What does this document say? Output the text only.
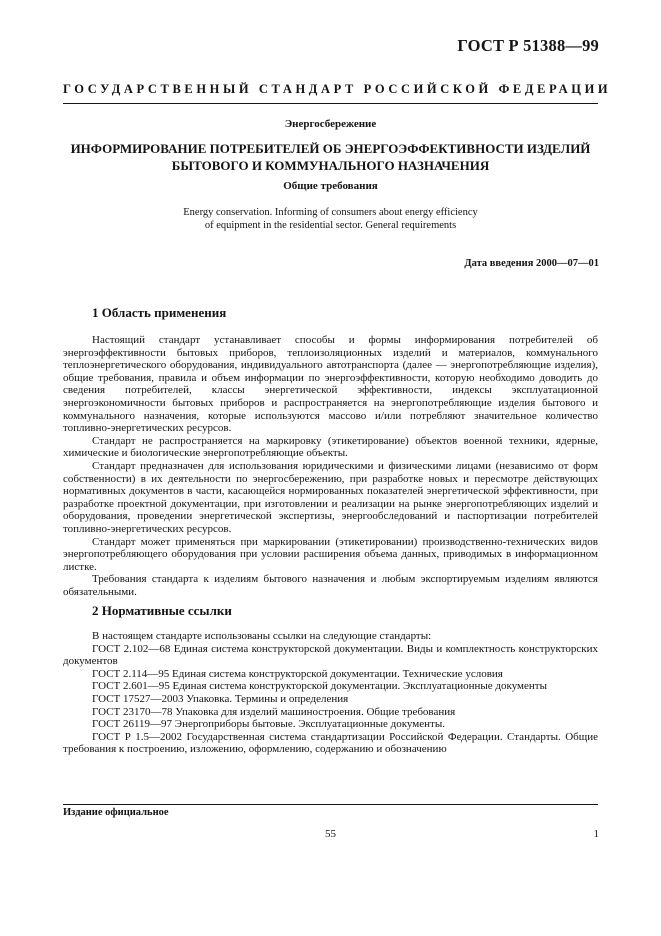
ГОСТ Р 51388—99
ГОСУДАРСТВЕННЫЙ СТАНДАРТ РОССИЙСКОЙ ФЕДЕРАЦИИ
Энергосбережение
ИНФОРМИРОВАНИЕ ПОТРЕБИТЕЛЕЙ ОБ ЭНЕРГОЭФФЕКТИВНОСТИ ИЗДЕЛИЙ
БЫТОВОГО И КОММУНАЛЬНОГО НАЗНАЧЕНИЯ
Общие требования
Energy conservation. Informing of consumers about energy efficiency
of equipment in the residential sector. General requirements
Дата введения 2000—07—01
1 Область применения

Настоящий стандарт устанавливает способы и формы информирования потребителей об энергоэффективности бытовых приборов, теплоизоляционных изделий и материалов, коммунального теплоэнергетического оборудования, индивидуального автотранспорта (далее — энергопотребляющие изделия), общие требования, правила и объем информации по энергоэффективности, которую необходимо доводить до сведения потребителей, классы энергетической эффективности, индексы эксплуатационной энергоэкономичности бытовых приборов и распространяется на энергопотребляющие изделия бытового и коммунального назначения, которые используются массово и/или потребляют значительное количество топливно-энергетических ресурсов.

Стандарт не распространяется на маркировку (этикетирование) объектов военной техники, ядерные, химические и биологические энергопотребляющие объекты.

Стандарт предназначен для использования юридическими и физическими лицами (независимо от форм собственности) в их деятельности по энергосбережению, при разработке новых и пересмотре действующих нормативных документов в части, касающейся нормированных показателей энергетической эффективности, при разработке проектной документации, при изготовлении и реализации на рынке энергопотребляющих изделий и оборудования, проведении энергетической экспертизы, энергообследований и паспортизации потребителей топливно-энергетических ресурсов.

Стандарт может применяться при маркировании (этикетировании) производственно-технических видов энергопотребляющего оборудования при условии расширения объема данных, приводимых в информационном листке.

Требования стандарта к изделиям бытового назначения и любым экспортируемым изделиям являются обязательными.

2 Нормативные ссылки

В настоящем стандарте использованы ссылки на следующие стандарты:

ГОСТ 2.102—68 Единая система конструкторской документации. Виды и комплектность конструкторских документов

ГОСТ 2.114—95 Единая система конструкторской документации. Технические условия

ГОСТ 2.601—95 Единая система конструкторской документации. Эксплуатационные документы

ГОСТ 17527—2003 Упаковка. Термины и определения

ГОСТ 23170—78 Упаковка для изделий машиностроения. Общие требования

ГОСТ 26119—97 Энергоприборы бытовые. Эксплуатационные документы.

ГОСТ Р 1.5—2002 Государственная система стандартизации Российской Федерации. Стандарты. Общие требования к построению, изложению, оформлению, содержанию и обозначению

Издание официальное
55	1
